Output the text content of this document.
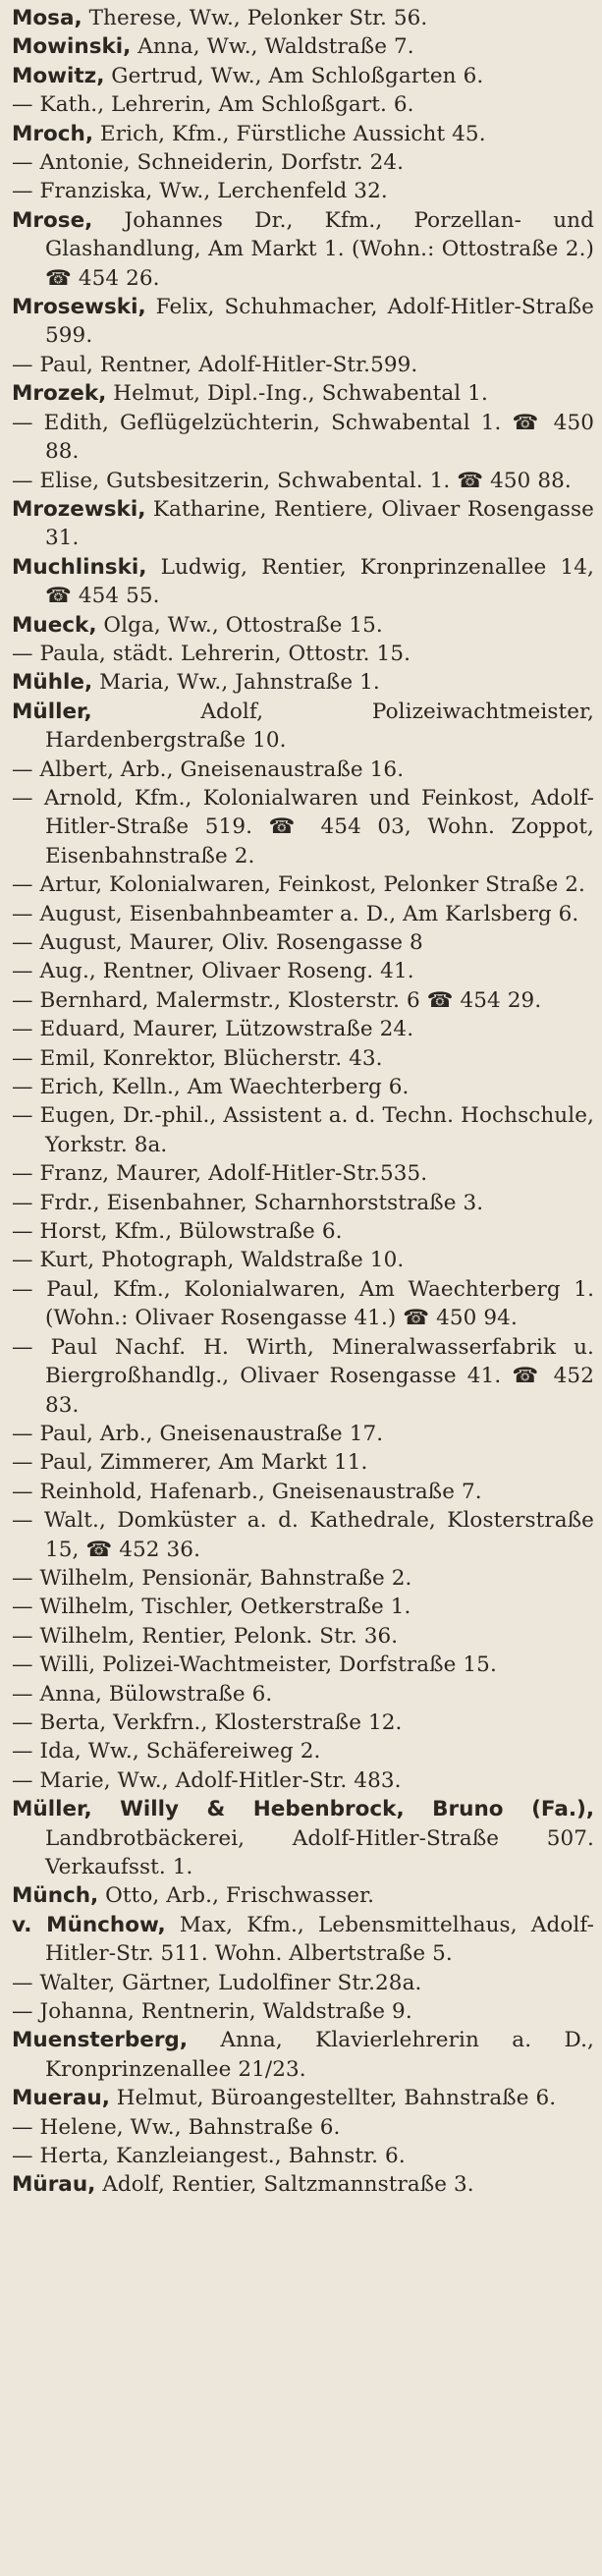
Mosa, Therese, Ww., Pelonker Str. 56.

Mowinski, Anna, Ww., Waldstraße 7.

Mowitz, Gertrud, Ww., Am Schloßgarten 6.

— Kath., Lehrerin, Am Schloßgart. 6.

Mroch, Erich, Kfm., Fürstliche Aussicht 45.

— Antonie, Schneiderin, Dorfstr. 24.

— Franziska, Ww., Lerchenfeld 32.

Mrose, Johannes Dr., Kfm., Porzellan- und Glashandlung, Am Markt 1. (Wohn.: Ottostraße 2.) ☎ 454 26.

Mrosewski, Felix, Schuhmacher, Adolf-Hitler-Straße 599.

— Paul, Rentner, Adolf-Hitler-Str.599.

Mrozek, Helmut, Dipl.-Ing., Schwabental 1.

— Edith, Geflügelzüchterin, Schwabental 1. ☎ 450 88.

— Elise, Gutsbesitzerin, Schwabental. 1. ☎ 450 88.

Mrozewski, Katharine, Rentiere, Olivaer Rosengasse 31.

Muchlinski, Ludwig, Rentier, Kronprinzenallee 14, ☎ 454 55.

Mueck, Olga, Ww., Ottostraße 15.

— Paula, städt. Lehrerin, Ottostr. 15.

Mühle, Maria, Ww., Jahnstraße 1.

Müller, Adolf, Polizeiwachtmeister, Hardenbergstraße 10.

— Albert, Arb., Gneisenaustraße 16.

— Arnold, Kfm., Kolonialwaren und Feinkost, Adolf-Hitler-Straße 519. ☎ 454 03, Wohn. Zoppot, Eisenbahnstraße 2.

— Artur, Kolonialwaren, Feinkost, Pelonker Straße 2.

— August, Eisenbahnbeamter a. D., Am Karlsberg 6.

— August, Maurer, Oliv. Rosengasse 8

— Aug., Rentner, Olivaer Roseng. 41.

— Bernhard, Malermstr., Klosterstr. 6 ☎ 454 29.

— Eduard, Maurer, Lützowstraße 24.

— Emil, Konrektor, Blücherstr. 43.

— Erich, Kelln., Am Waechterberg 6.

— Eugen, Dr.-phil., Assistent a. d. Techn. Hochschule, Yorkstr. 8a.

— Franz, Maurer, Adolf-Hitler-Str.535.

— Frdr., Eisenbahner, Scharnhorststraße 3.

— Horst, Kfm., Bülowstraße 6.

— Kurt, Photograph, Waldstraße 10.

— Paul, Kfm., Kolonialwaren, Am Waechterberg 1. (Wohn.: Olivaer Rosengasse 41.) ☎ 450 94.

— Paul Nachf. H. Wirth, Mineralwasserfabrik u. Biergroßhandlg., Olivaer Rosengasse 41. ☎ 452 83.

— Paul, Arb., Gneisenaustraße 17.

— Paul, Zimmerer, Am Markt 11.

— Reinhold, Hafenarb., Gneisenaustraße 7.

— Walt., Domküster a. d. Kathedrale, Klosterstraße 15, ☎ 452 36.

— Wilhelm, Pensionär, Bahnstraße 2.

— Wilhelm, Tischler, Oetkerstraße 1.

— Wilhelm, Rentier, Pelonk. Str. 36.

— Willi, Polizei-Wachtmeister, Dorfstraße 15.

— Anna, Bülowstraße 6.

— Berta, Verkfrn., Klosterstraße 12.

— Ida, Ww., Schäfereiweg 2.

— Marie, Ww., Adolf-Hitler-Str. 483.

Müller, Willy & Hebenbrock, Bruno (Fa.), Landbrotbäckerei, Adolf-Hitler-Straße 507. Verkaufsst. 1.

Münch, Otto, Arb., Frischwasser.

v. Münchow, Max, Kfm., Lebensmittelhaus, Adolf-Hitler-Str. 511. Wohn. Albertstraße 5.

— Walter, Gärtner, Ludolfiner Str.28a.

— Johanna, Rentnerin, Waldstraße 9.

Muensterberg, Anna, Klavierlehrerin a. D., Kronprinzenallee 21/23.

Muerau, Helmut, Büroangestellter, Bahnstraße 6.

— Helene, Ww., Bahnstraße 6.

— Herta, Kanzleiangest., Bahnstr. 6.

Mürau, Adolf, Rentier, Saltzmannstraße 3.
